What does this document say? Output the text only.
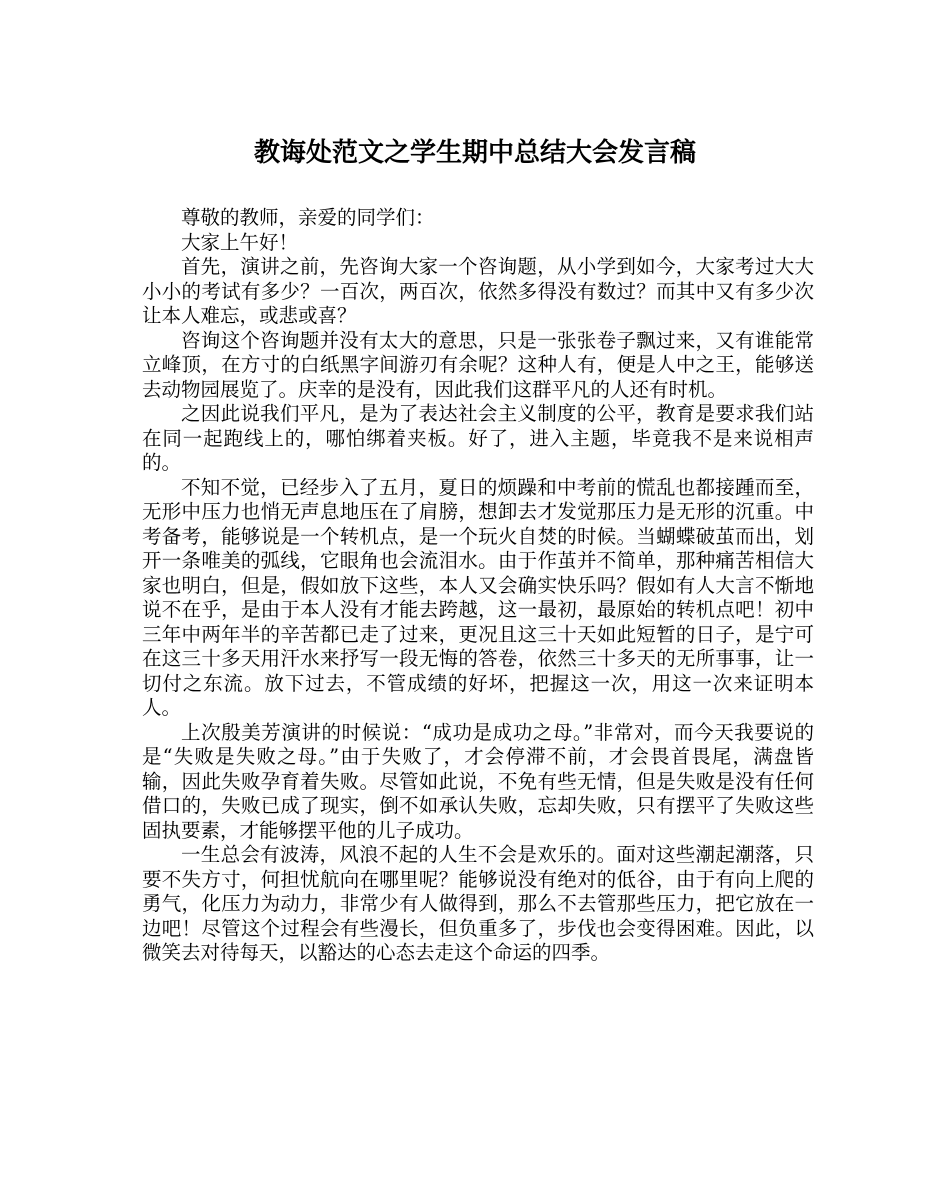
教诲处范文之学生期中总结大会发言稿

尊敬的教师，亲爱的同学们：

大家上午好！

首先，演讲之前，先咨询大家一个咨询题，从小学到如今，大家考过大大小小的考试有多少？一百次，两百次，依然多得没有数过？而其中又有多少次让本人难忘，或悲或喜？

咨询这个咨询题并没有太大的意思，只是一张张卷子飘过来，又有谁能常立峰顶，在方寸的白纸黑字间游刃有余呢？这种人有，便是人中之王，能够送去动物园展览了。庆幸的是没有，因此我们这群平凡的人还有时机。

之因此说我们平凡，是为了表达社会主义制度的公平，教育是要求我们站在同一起跑线上的，哪怕绑着夹板。好了，进入主题，毕竟我不是来说相声的。

不知不觉，已经步入了五月，夏日的烦躁和中考前的慌乱也都接踵而至，无形中压力也悄无声息地压在了肩膀，想卸去才发觉那压力是无形的沉重。中考备考，能够说是一个转机点，是一个玩火自焚的时候。当蝴蝶破茧而出，划开一条唯美的弧线，它眼角也会流泪水。由于作茧并不简单，那种痛苦相信大家也明白，但是，假如放下这些，本人又会确实快乐吗？假如有人大言不惭地说不在乎，是由于本人没有才能去跨越，这一最初，最原始的转机点吧！初中三年中两年半的辛苦都已走了过来，更况且这三十天如此短暂的日子，是宁可在这三十多天用汗水来抒写一段无悔的答卷，依然三十多天的无所事事，让一切付之东流。放下过去，不管成绩的好坏，把握这一次，用这一次来证明本人。

上次殷美芳演讲的时候说：“成功是成功之母。”非常对，而今天我要说的是“失败是失败之母。”由于失败了，才会停滞不前，才会畏首畏尾，满盘皆输，因此失败孕育着失败。尽管如此说，不免有些无情，但是失败是没有任何借口的，失败已成了现实，倒不如承认失败，忘却失败，只有摆平了失败这些固执要素，才能够摆平他的儿子成功。

一生总会有波涛，风浪不起的人生不会是欢乐的。面对这些潮起潮落，只要不失方寸，何担忧航向在哪里呢？能够说没有绝对的低谷，由于有向上爬的勇气，化压力为动力，非常少有人做得到，那么不去管那些压力，把它放在一边吧！尽管这个过程会有些漫长，但负重多了，步伐也会变得困难。因此，以微笑去对待每天，以豁达的心态去走这个命运的四季。
